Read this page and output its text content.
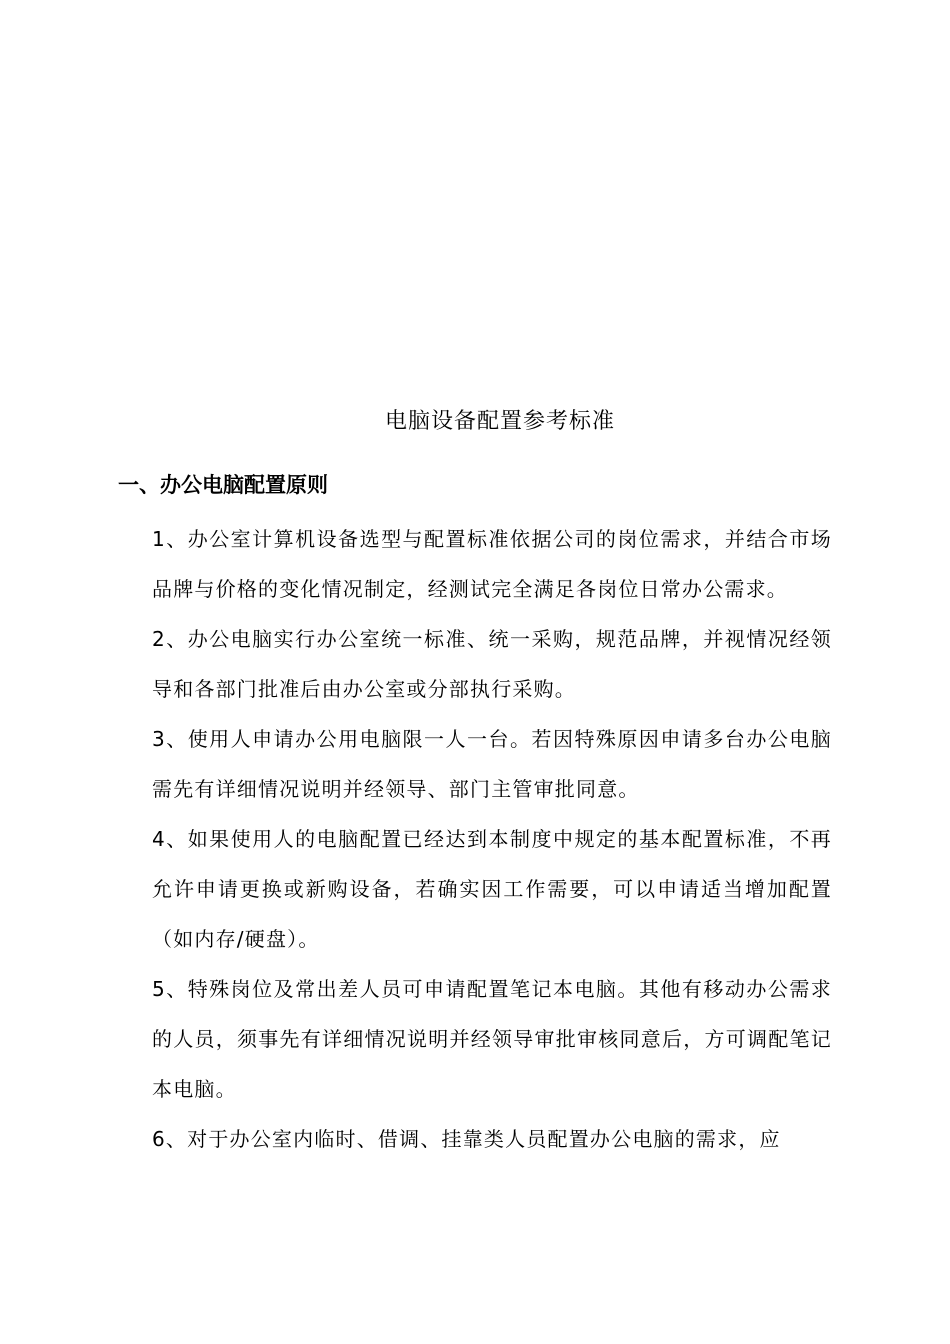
电脑设备配置参考标准
一、办公电脑配置原则

1、办公室计算机设备选型与配置标准依据公司的岗位需求，并结合市场品牌与价格的变化情况制定，经测试完全满足各岗位日常办公需求。

2、办公电脑实行办公室统一标准、统一采购，规范品牌，并视情况经领导和各部门批准后由办公室或分部执行采购。

3、使用人申请办公用电脑限一人一台。若因特殊原因申请多台办公电脑需先有详细情况说明并经领导、部门主管审批同意。

4、如果使用人的电脑配置已经达到本制度中规定的基本配置标准，不再允许申请更换或新购设备，若确实因工作需要，可以申请适当增加配置（如内存/硬盘）。

5、特殊岗位及常出差人员可申请配置笔记本电脑。其他有移动办公需求的人员，须事先有详细情况说明并经领导审批审核同意后，方可调配笔记本电脑。

6、对于办公室内临时、借调、挂靠类人员配置办公电脑的需求，应
